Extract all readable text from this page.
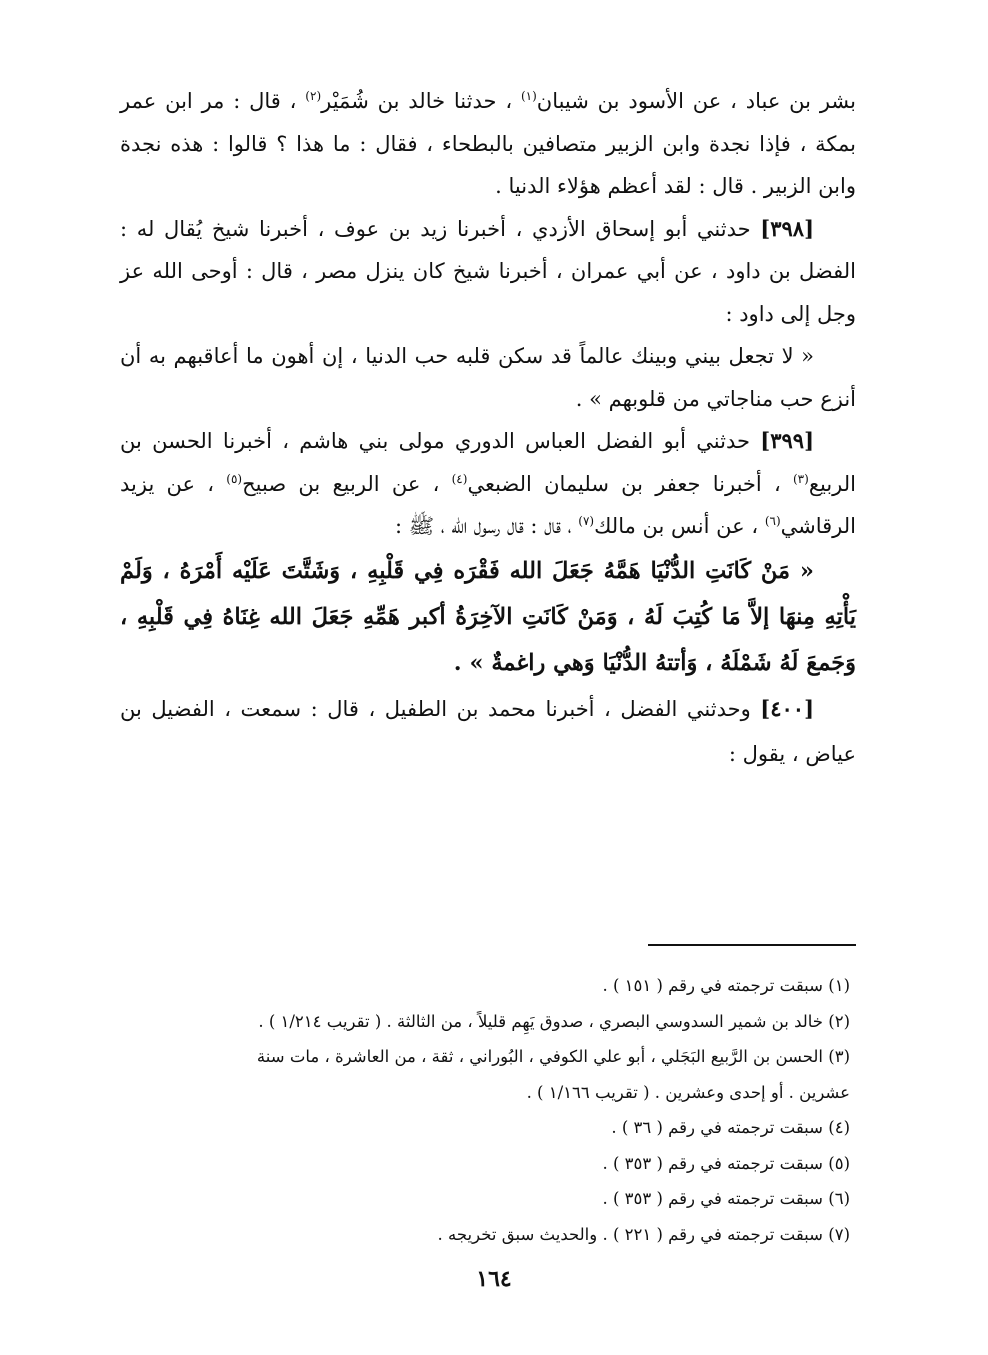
بشر بن عباد ، عن الأسود بن شيبان$^{(١)}$ ، حدثنا خالد بن شُمَيْر$^{(٢)}$ ، قال : مر ابن عمر بمكة ، فإذا نجدة وابن الزبير متصافين بالبطحاء ، فقال : ما هذا ؟ قالوا : هذه نجدة وابن الزبير . قال : لقد أعظم هؤلاء الدنيا .

[٣٩٨] حدثني أبو إسحاق الأزدي ، أخبرنا زيد بن عوف ، أخبرنا شيخ يُقال له : الفضل بن داود ، عن أبي عمران ، أخبرنا شيخ كان ينزل مصر ، قال : أوحى الله عز وجل إلى داود :

« لا تجعل بيني وبينك عالماً قد سكن قلبه حب الدنيا ، إن أهون ما أعاقبهم به أن أنزع حب مناجاتي من قلوبهم » .

[٣٩٩] حدثني أبو الفضل العباس الدوري مولى بني هاشم ، أخبرنا الحسن بن الربيع$^{(٣)}$ ، أخبرنا جعفر بن سليمان الضبعي$^{(٤)}$ ، عن الربيع بن صبيح$^{(٥)}$ ، عن يزيد الرقاشي$^{(٦)}$ ، عن أنس بن مالك$^{(٧)}$ ، قال : قال رسول الله ، ﷺ :

« مَنْ كَانَتِ الدُّنْيَا هَمَّهُ جَعَلَ الله فَقْرَه فِي قَلْبِهِ ، وَشَتَّتَ عَلَيْه أَمْرَهُ ، وَلَمْ يَأْتِهِ مِنهَا إلاَّ مَا كُتِبَ لَهُ ، وَمَنْ كَانَتِ الآخِرَةُ أكبر هَمِّهِ جَعَلَ الله غِنَاهُ فِي قَلْبِهِ ، وَجَمعَ لَهُ شَمْلَهُ ، وَأتتهُ الدُّنْيَا وَهي راغمةٌ » .

[٤٠٠] وحدثني الفضل ، أخبرنا محمد بن الطفيل ، قال : سمعت ، الفضيل بن عياض ، يقول :

(١) سبقت ترجمته في رقم ( ١٥١ ) .

(٢) خالد بن شمير السدوسي البصري ، صدوق يَهِم قليلاً ، من الثالثة . ( تقريب ١/٢١٤ ) .

(٣) الحسن بن الرَّبيع البَجَلي ، أبو علي الكوفي ، البُوراني ، ثقة ، من العاشرة ، مات سنة
عشرين . أو إحدى وعشرين . ( تقريب ١/١٦٦ ) .

(٤) سبقت ترجمته في رقم ( ٣٦ ) .

(٥) سبقت ترجمته في رقم ( ٣٥٣ ) .

(٦) سبقت ترجمته في رقم ( ٣٥٣ ) .

(٧) سبقت ترجمته في رقم ( ٢٢١ ) . والحديث سبق تخريجه .

١٦٤
